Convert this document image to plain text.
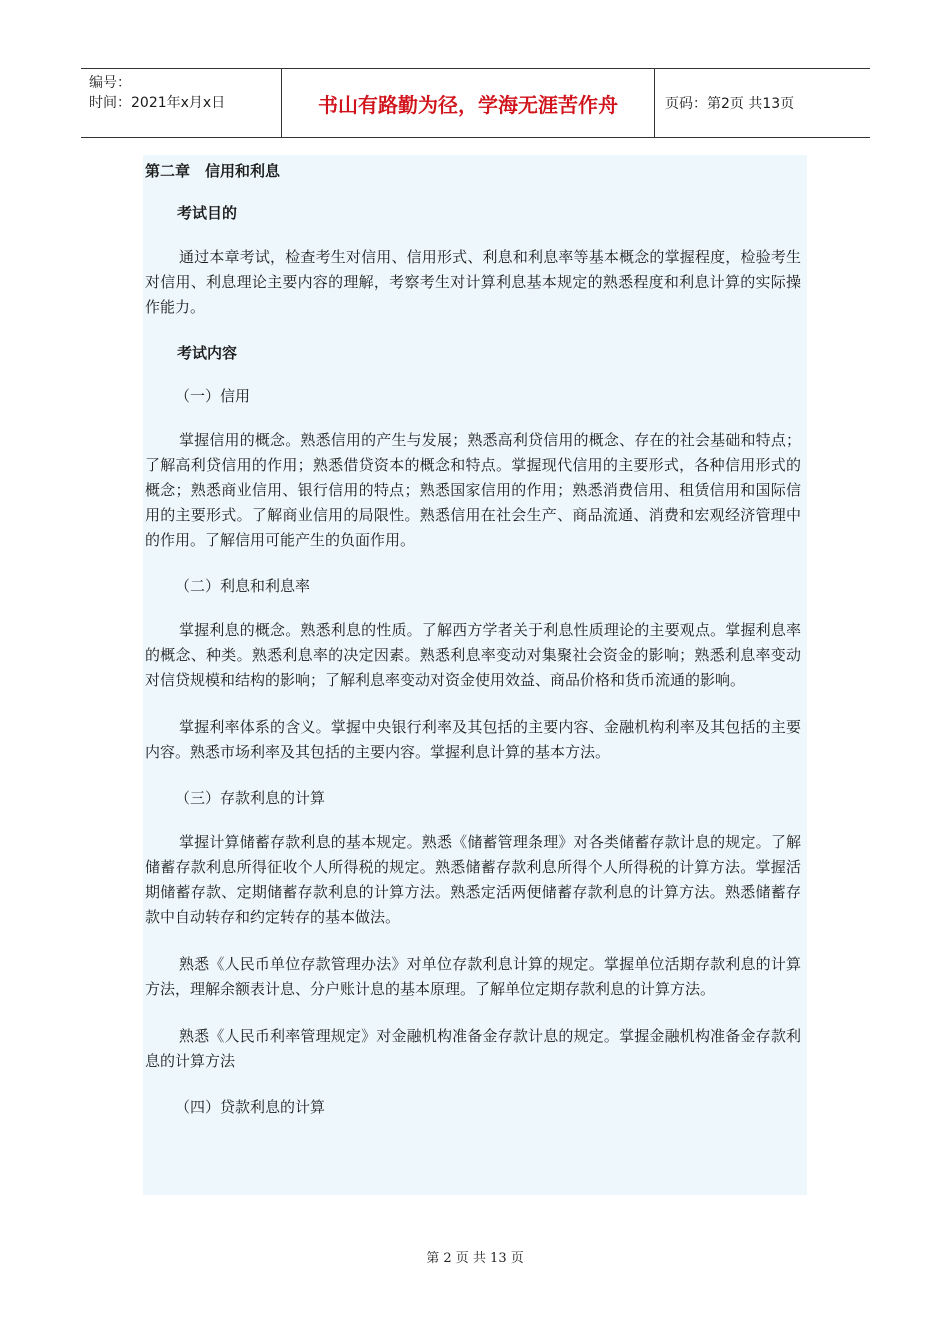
编号：
时间：2021年x月x日	书山有路勤为径，学海无涯苦作舟	页码：第2页 共13页

第二章　信用和利息

考试目的

通过本章考试，检查考生对信用、信用形式、利息和利息率等基本概念的掌握程度，检验考生对信用、利息理论主要内容的理解，考察考生对计算利息基本规定的熟悉程度和利息计算的实际操作能力。

考试内容

（一）信用

掌握信用的概念。熟悉信用的产生与发展；熟悉高利贷信用的概念、存在的社会基础和特点；了解高利贷信用的作用；熟悉借贷资本的概念和特点。掌握现代信用的主要形式，各种信用形式的概念；熟悉商业信用、银行信用的特点；熟悉国家信用的作用；熟悉消费信用、租赁信用和国际信用的主要形式。了解商业信用的局限性。熟悉信用在社会生产、商品流通、消费和宏观经济管理中的作用。了解信用可能产生的负面作用。

（二）利息和利息率

掌握利息的概念。熟悉利息的性质。了解西方学者关于利息性质理论的主要观点。掌握利息率的概念、种类。熟悉利息率的决定因素。熟悉利息率变动对集聚社会资金的影响；熟悉利息率变动对信贷规模和结构的影响；了解利息率变动对资金使用效益、商品价格和货币流通的影响。

掌握利率体系的含义。掌握中央银行利率及其包括的主要内容、金融机构利率及其包括的主要内容。熟悉市场利率及其包括的主要内容。掌握利息计算的基本方法。

（三）存款利息的计算

掌握计算储蓄存款利息的基本规定。熟悉《储蓄管理条理》对各类储蓄存款计息的规定。了解储蓄存款利息所得征收个人所得税的规定。熟悉储蓄存款利息所得个人所得税的计算方法。掌握活期储蓄存款、定期储蓄存款利息的计算方法。熟悉定活两便储蓄存款利息的计算方法。熟悉储蓄存款中自动转存和约定转存的基本做法。

熟悉《人民币单位存款管理办法》对单位存款利息计算的规定。掌握单位活期存款利息的计算方法，理解余额表计息、分户账计息的基本原理。了解单位定期存款利息的计算方法。

熟悉《人民币利率管理规定》对金融机构准备金存款计息的规定。掌握金融机构准备金存款利息的计算方法

（四）贷款利息的计算

第 2 页 共 13 页
